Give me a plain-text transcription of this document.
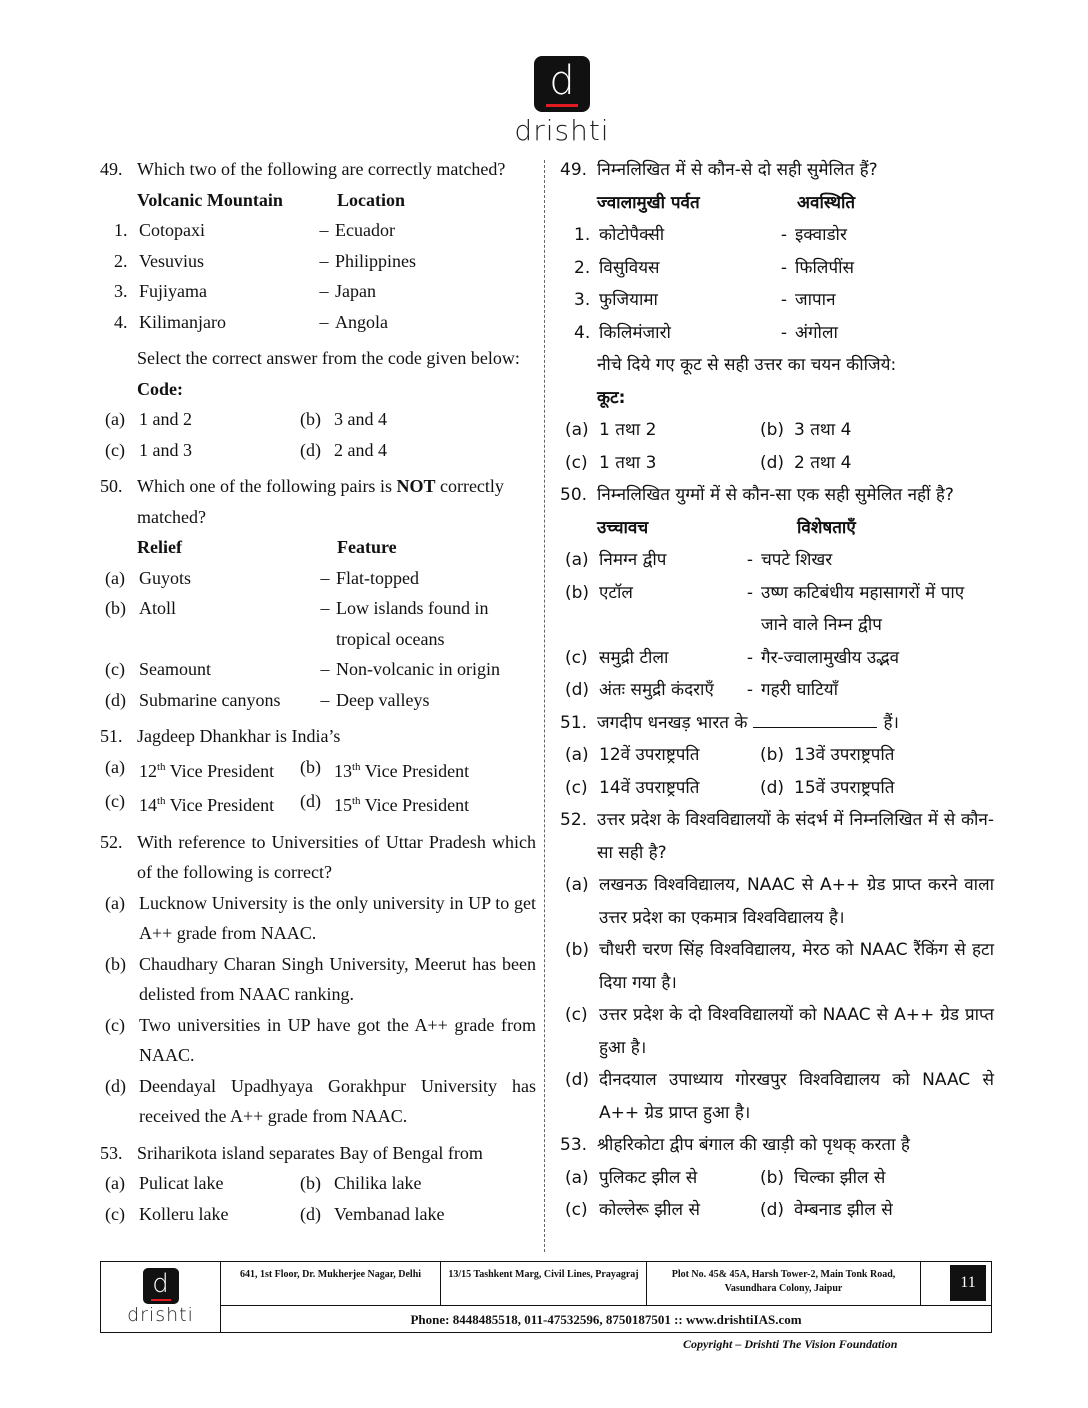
d
drishti
49. Which two of the following are correctly matched?
Volcanic Mountain	Location
1. Cotopaxi	– Ecuador
2. Vesuvius	– Philippines
3. Fujiyama	– Japan
4. Kilimanjaro	– Angola
Select the correct answer from the code given below:
Code:
(a) 1 and 2	(b) 3 and 4
(c) 1 and 3	(d) 2 and 4
50. Which one of the following pairs is NOT correctly matched?
Relief	Feature
(a) Guyots	– Flat-topped
(b) Atoll	– Low islands found in tropical oceans
(c) Seamount	– Non-volcanic in origin
(d) Submarine canyons	– Deep valleys
51. Jagdeep Dhankhar is India’s
(a) 12th Vice President (b) 13th Vice President
(c) 14th Vice President (d) 15th Vice President
52. With reference to Universities of Uttar Pradesh which of the following is correct?
(a) Lucknow University is the only university in UP to get A++ grade from NAAC.
(b) Chaudhary Charan Singh University, Meerut has been delisted from NAAC ranking.
(c) Two universities in UP have got the A++ grade from NAAC.
(d) Deendayal Upadhyaya Gorakhpur University has received the A++ grade from NAAC.
53. Sriharikota island separates Bay of Bengal from
(a) Pulicat lake	(b) Chilika lake
(c) Kolleru lake	(d) Vembanad lake
49. निम्नलिखित में से कौन-से दो सही सुमेलित हैं?
ज्वालामुखी पर्वत	अवस्थिति
1. कोटोपैक्सी	- इक्वाडोर
2. विसुवियस	- फिलिपींस
3. फुजियामा	- जापान
4. किलिमंजारो	- अंगोला
नीचे दिये गए कूट से सही उत्तर का चयन कीजिये:
कूट:
(a) 1 तथा 2	(b) 3 तथा 4
(c) 1 तथा 3	(d) 2 तथा 4
50. निम्नलिखित युग्मों में से कौन-सा एक सही सुमेलित नहीं है?
उच्चावच	विशेषताएँ
(a) निमग्न द्वीप	- चपटे शिखर
(b) एटॉल	- उष्ण कटिबंधीय महासागरों में पाए जाने वाले निम्न द्वीप
(c) समुद्री टीला	- गैर-ज्वालामुखीय उद्भव
(d) अंतः समुद्री कंदराएँ	- गहरी घाटियाँ
51. जगदीप धनखड़ भारत के	हैं।
(a) 12वें उपराष्ट्रपति	(b) 13वें उपराष्ट्रपति
(c) 14वें उपराष्ट्रपति	(d) 15वें उपराष्ट्रपति
52. उत्तर प्रदेश के विश्वविद्यालयों के संदर्भ में निम्नलिखित में से कौन-सा सही है?
(a) लखनऊ विश्वविद्यालय, NAAC से A++ ग्रेड प्राप्त करने वाला उत्तर प्रदेश का एकमात्र विश्वविद्यालय है।
(b) चौधरी चरण सिंह विश्वविद्यालय, मेरठ को NAAC रैंकिंग से हटा दिया गया है।
(c) उत्तर प्रदेश के दो विश्वविद्यालयों को NAAC से A++ ग्रेड प्राप्त हुआ है।
(d) दीनदयाल उपाध्याय गोरखपुर विश्वविद्यालय को NAAC से A++ ग्रेड प्राप्त हुआ है।
53. श्रीहरिकोटा द्वीप बंगाल की खाड़ी को पृथक् करता है
(a) पुलिकट झील से	(b) चिल्का झील से
(c) कोल्लेरू झील से	(d) वेम्बनाड झील से
d
drishti
641, 1st Floor, Dr. Mukherjee Nagar, Delhi	13/15 Tashkent Marg, Civil Lines, Prayagraj	Plot No. 45& 45A, Harsh Tower-2, Main Tonk Road, Vasundhara Colony, Jaipur
Phone: 8448485518, 011-47532596, 8750187501 :: www.drishtiIAS.com
11
Copyright – Drishti The Vision Foundation
